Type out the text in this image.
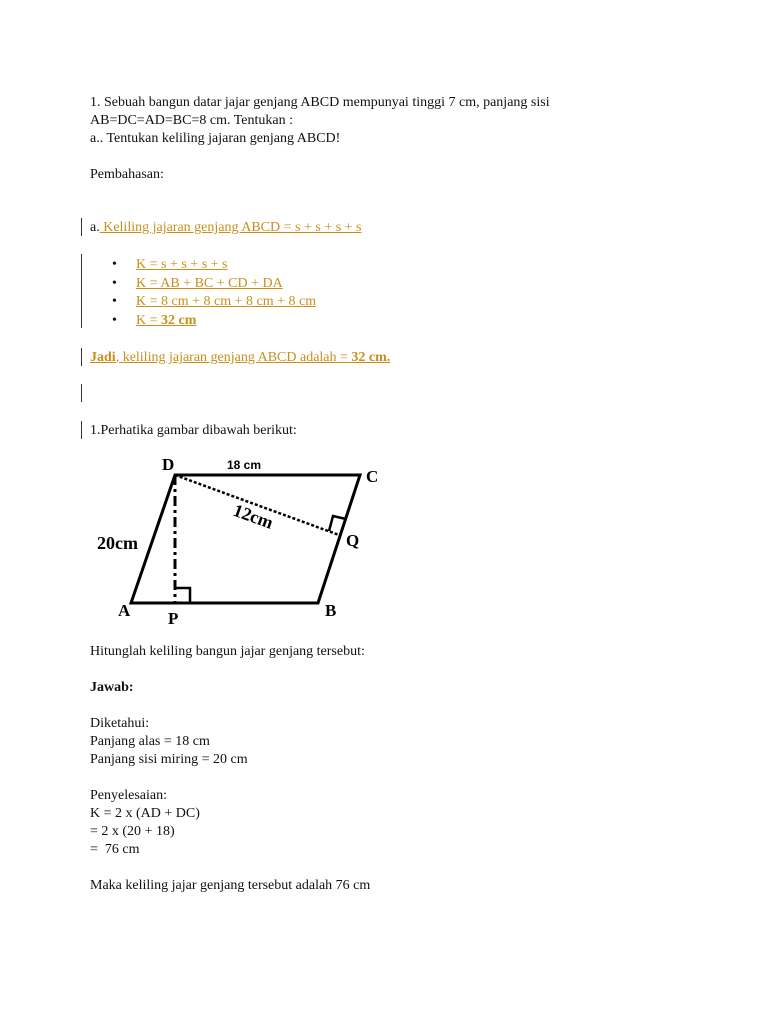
1. Sebuah bangun datar jajar genjang ABCD mempunyai tinggi 7 cm, panjang sisi
AB=DC=AD=BC=8 cm. Tentukan :
a.. Tentukan keliling jajaran genjang ABCD!
Pembahasan:
a. Keliling jajaran genjang ABCD = s + s + s + s
• K = s + s + s + s
• K = AB + BC + CD + DA
• K = 8 cm + 8 cm + 8 cm + 8 cm
• K = 32 cm
Jadi, keliling jajaran genjang ABCD adalah = 32 cm.
1.Perhatika gambar dibawah berikut:
D
C
A	B
P
Q
18 cm
20cm
12cm
Hitunglah keliling bangun jajar genjang tersebut:
Jawab:
Diketahui:
Panjang alas = 18 cm
Panjang sisi miring = 20 cm
Penyelesaian:
K = 2 x (AD + DC)
= 2 x (20 + 18)
=  76 cm
Maka keliling jajar genjang tersebut adalah 76 cm
